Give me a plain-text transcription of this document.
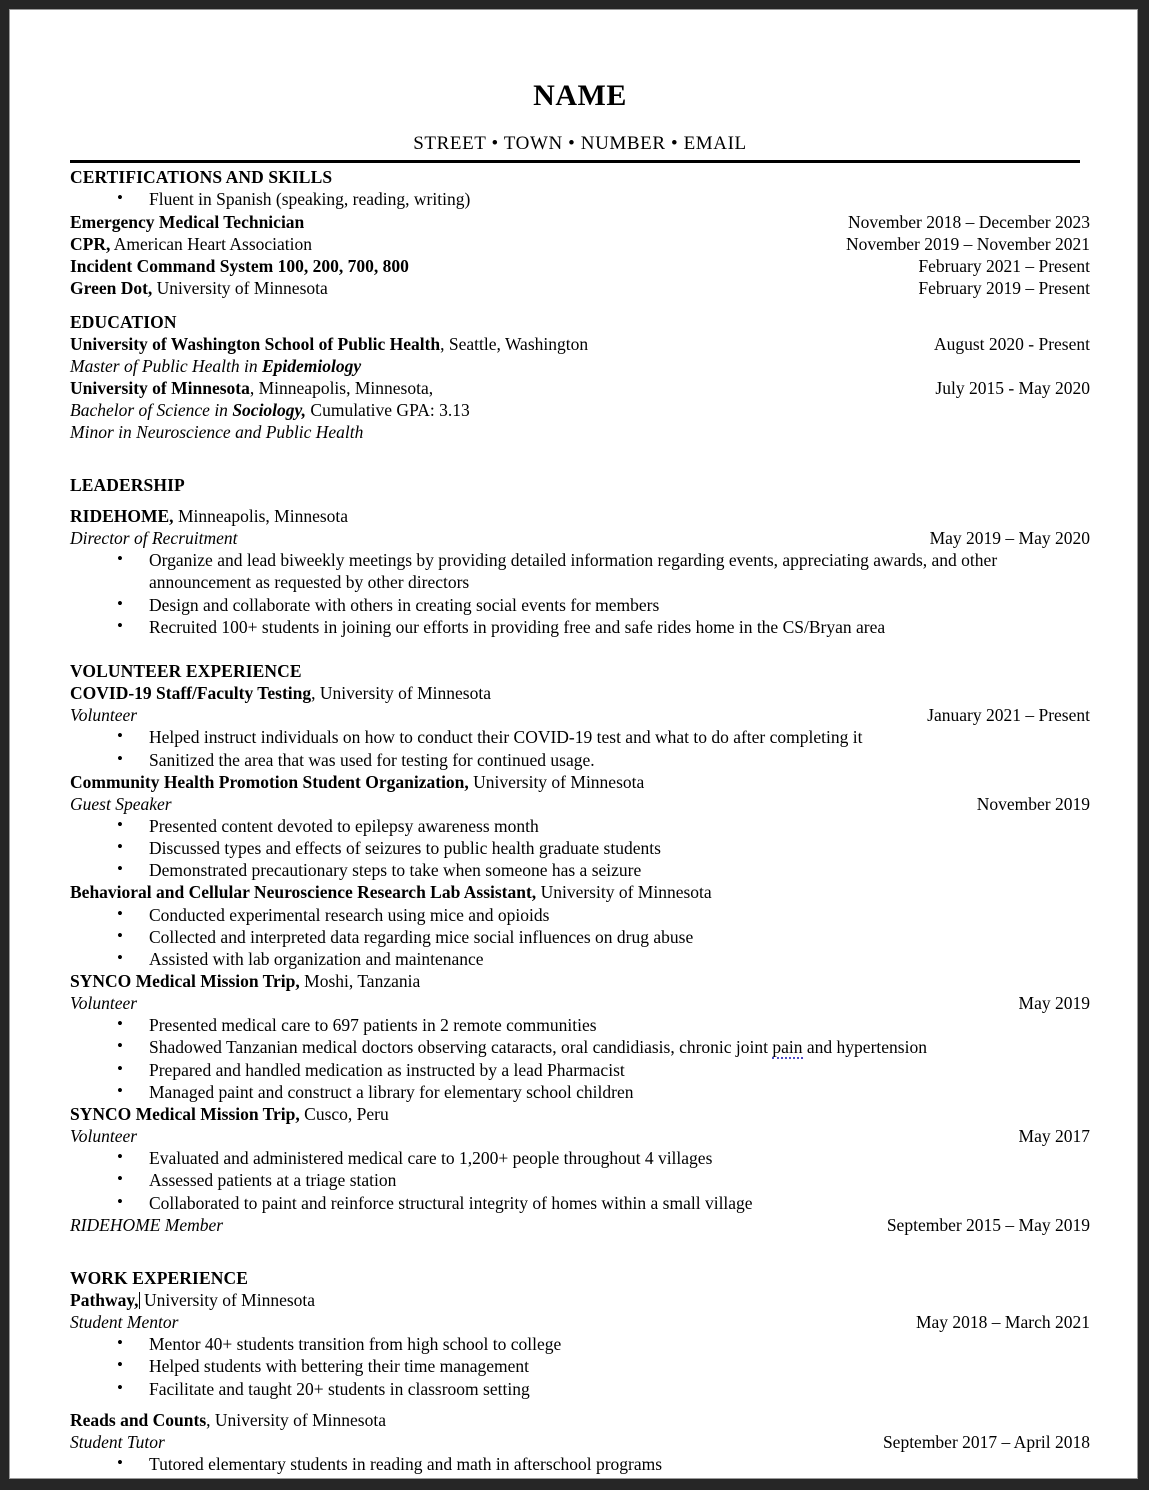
NAME
STREET • TOWN • NUMBER • EMAIL
CERTIFICATIONS AND SKILLS
• Fluent in Spanish (speaking, reading, writing)
Emergency Medical Technician	November 2018 – December 2023
CPR, American Heart Association	November 2019 – November 2021
Incident Command System 100, 200, 700, 800	February 2021 – Present
Green Dot, University of Minnesota	February 2019 – Present
EDUCATION
University of Washington School of Public Health, Seattle, Washington	August 2020 - Present
Master of Public Health in Epidemiology
University of Minnesota, Minneapolis, Minnesota,	July 2015 - May 2020
Bachelor of Science in Sociology, Cumulative GPA: 3.13
Minor in Neuroscience and Public Health
LEADERSHIP
RIDEHOME, Minneapolis, Minnesota
Director of Recruitment	May 2019 – May 2020
• Organize and lead biweekly meetings by providing detailed information regarding events, appreciating awards, and other announcement as requested by other directors
• Design and collaborate with others in creating social events for members
• Recruited 100+ students in joining our efforts in providing free and safe rides home in the CS/Bryan area
VOLUNTEER EXPERIENCE
COVID-19 Staff/Faculty Testing, University of Minnesota
Volunteer	January 2021 – Present
• Helped instruct individuals on how to conduct their COVID-19 test and what to do after completing it
• Sanitized the area that was used for testing for continued usage.
Community Health Promotion Student Organization, University of Minnesota
Guest Speaker	November 2019
• Presented content devoted to epilepsy awareness month
• Discussed types and effects of seizures to public health graduate students
• Demonstrated precautionary steps to take when someone has a seizure
Behavioral and Cellular Neuroscience Research Lab Assistant, University of Minnesota
• Conducted experimental research using mice and opioids
• Collected and interpreted data regarding mice social influences on drug abuse
• Assisted with lab organization and maintenance
SYNCO Medical Mission Trip, Moshi, Tanzania
Volunteer	May 2019
• Presented medical care to 697 patients in 2 remote communities
• Shadowed Tanzanian medical doctors observing cataracts, oral candidiasis, chronic joint pain and hypertension
• Prepared and handled medication as instructed by a lead Pharmacist
• Managed paint and construct a library for elementary school children
SYNCO Medical Mission Trip, Cusco, Peru
Volunteer	May 2017
• Evaluated and administered medical care to 1,200+ people throughout 4 villages
• Assessed patients at a triage station
• Collaborated to paint and reinforce structural integrity of homes within a small village
RIDEHOME Member	September 2015 – May 2019
WORK EXPERIENCE
Pathway, University of Minnesota
Student Mentor	May 2018 – March 2021
• Mentor 40+ students transition from high school to college
• Helped students with bettering their time management
• Facilitate and taught 20+ students in classroom setting
Reads and Counts, University of Minnesota
Student Tutor	September 2017 – April 2018
• Tutored elementary students in reading and math in afterschool programs
